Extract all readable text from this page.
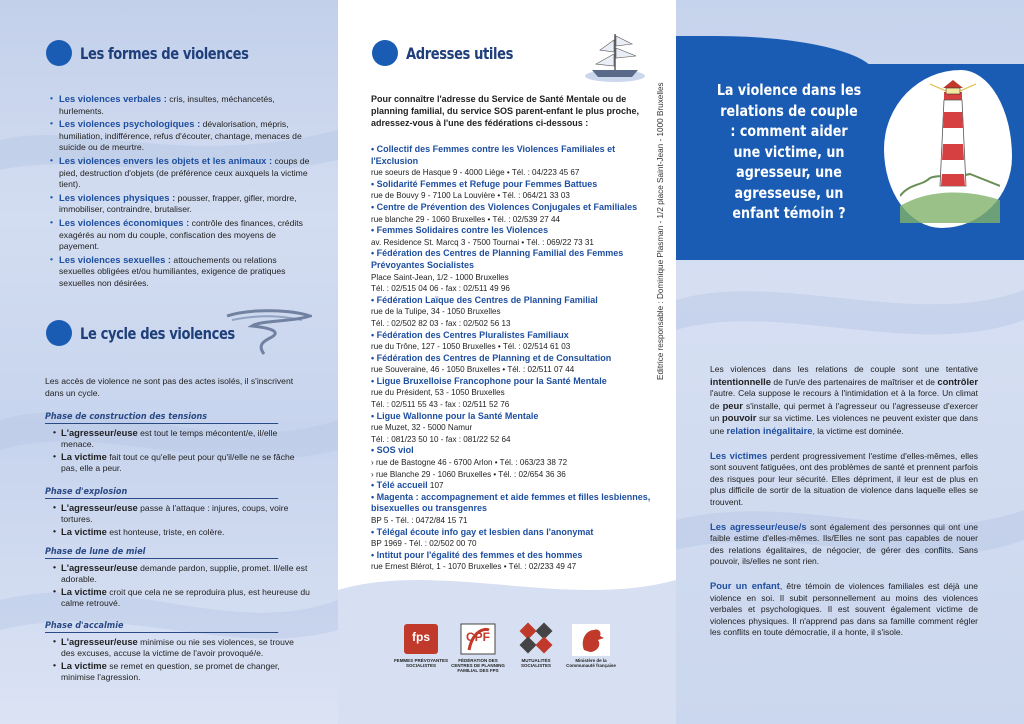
Les formes de violences
• Les violences verbales : cris, insultes, méchancetés, hurlements.
• Les violences psychologiques : dévalorisation, mépris, humiliation, indifférence, refus d'écouter, chantage, menaces de suicide ou de meurtre.
• Les violences envers les objets et les animaux : coups de pied, destruction d'objets (de préférence ceux auxquels la victime tient).
• Les violences physiques : pousser, frapper, gifler, mordre, immobiliser, contraindre, brutaliser.
• Les violences économiques : contrôle des finances, crédits exagérés au nom du couple, confiscation des moyens de payement.
• Les violences sexuelles : attouchements ou relations sexuelles obligées et/ou humiliantes, exigence de pratiques sexuelles non désirées.
Le cycle des violences
Les accès de violence ne sont pas des actes isolés, il s'inscrivent dans un cycle.
Phase de construction des tensions
• L'agresseur/euse est tout le temps mécontent/e, il/elle menace.
• La victime fait tout ce qu'elle peut pour qu'il/elle ne se fâche pas, elle a peur.
Phase d'explosion
• L'agresseur/euse passe à l'attaque : injures, coups, voire tortures.
• La victime est honteuse, triste, en colère.
Phase de lune de miel
• L'agresseur/euse demande pardon, supplie, promet. Il/elle est adorable.
• La victime croit que cela ne se reproduira plus, est heureuse du calme retrouvé.
Phase d'accalmie
• L'agresseur/euse minimise ou nie ses violences, se trouve des excuses, accuse la victime de l'avoir provoqué/e.
• La victime se remet en question, se promet de changer, minimise l'agression.
Adresses utiles
Pour connaître l'adresse du Service de Santé Mentale ou de planning familial, du service SOS parent-enfant le plus proche, adressez-vous à l'une des fédérations ci-dessous :
• Collectif des Femmes contre les Violences Familiales et l'Exclusion
rue soeurs de Hasque 9 - 4000 Liège • Tél. : 04/223 45 67
• Solidarité Femmes et Refuge pour Femmes Battues
rue de Bouvy 9 - 7100 La Louvière • Tél. : 064/21 33 03
• Centre de Prévention des Violences Conjugales et Familiales
rue blanche 29 - 1060 Bruxelles • Tél. : 02/539 27 44
• Femmes Solidaires contre les Violences
av. Residence St. Marcq 3 - 7500 Tournai • Tél. : 069/22 73 31
• Fédération des Centres de Planning Familial des Femmes Prévoyantes Socialistes
Place Saint-Jean, 1/2 - 1000 Bruxelles
Tél. : 02/515 04 06 - fax : 02/511 49 96
• Fédération Laïque des Centres de Planning Familial
rue de la Tulipe, 34 - 1050 Bruxelles
Tél. : 02/502 82 03 - fax : 02/502 56 13
• Fédération des Centres Pluralistes Familiaux
rue du Trône, 127 - 1050 Bruxelles • Tél. : 02/514 61 03
• Fédération des Centres de Planning et de Consultation
rue Souveraine, 46 - 1050 Bruxelles • Tél. : 02/511 07 44
• Ligue Bruxelloise Francophone pour la Santé Mentale
rue du Président, 53 - 1050 Bruxelles
Tél. : 02/511 55 43 - fax : 02/511 52 76
• Ligue Wallonne pour la Santé Mentale
rue Muzet, 32 - 5000 Namur
Tél. : 081/23 50 10 - fax : 081/22 52 64
• SOS viol
› rue de Bastogne 46 - 6700 Arlon • Tél. : 063/23 38 72
› rue Blanche 29 - 1060 Bruxelles • Tél. : 02/654 36 36
• Télé accueil 107
• Magenta : accompagnement et aide femmes et filles lesbiennes, bisexuelles ou transgenres
BP 5 - Tél. : 0472/84 15 71
• Télégal écoute info gay et lesbien dans l'anonymat
BP 1969 - Tél. : 02/502 00 70
• Intitut pour l'égalité des femmes et des hommes
rue Ernest Blérot, 1 - 1070 Bruxelles • Tél. : 02/233 49 47
Editrice responsable : Dominique Plasman - 1/2 place Saint-Jean - 1000 Bruxelles
fps
FEMMES PRÉVOYANTES SOCIALISTES
CPF
FÉDÉRATION DES CENTRES DE PLANNING FAMILIAL DES FPS
MUTUALITÉS SOCIALISTES
Ministère de la Communauté française
La violence dans les relations de couple : comment aider une victime, un agresseur, une agresseuse, un enfant témoin ?

Les violences dans les relations de couple sont une tentative intentionnelle de l'un/e des partenaires de maîtriser et de contrôler l'autre. Cela suppose le recours à l'intimidation et à la force. Un climat de peur s'installe, qui permet à l'agresseur ou l'agresseuse d'exercer un pouvoir sur sa victime. Les violences ne peuvent exister que dans une relation inégalitaire, la victime est dominée.

Les victimes perdent progressivement l'estime d'elles-mêmes, elles sont souvent fatiguées, ont des problèmes de santé et prennent parfois des risques pour leur sécurité. Elles dépriment, il leur est de plus en plus difficile de sortir de la situation de violence dans laquelle elles se trouvent.

Les agresseur/euse/s sont également des personnes qui ont une faible estime d'elles-mêmes. Ils/Elles ne sont pas capables de nouer des relations égalitaires, de négocier, de gérer des conflits. Sans pouvoir, ils/elles ne sont rien.

Pour un enfant, être témoin de violences familiales est déjà une violence en soi. Il subit personnellement au moins des violences verbales et psychologiques. Il est souvent également victime de violences physiques. Il n'apprend pas dans sa famille comment régler les conflits en toute démocratie, il a honte, il s'isole.
